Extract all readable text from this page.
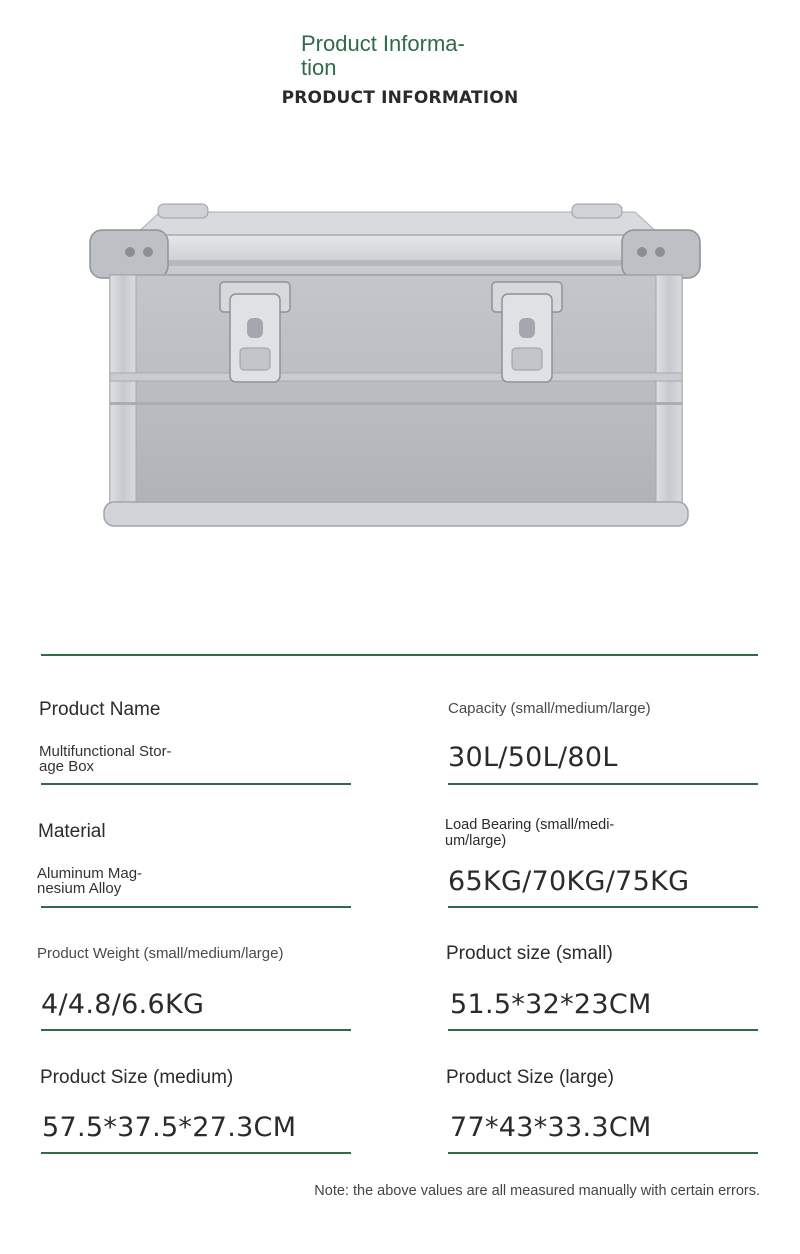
Product Informa-
tion
PRODUCT INFORMATION
Product Name
Multifunctional Stor-
age Box
Capacity (small/medium/large)
30L/50L/80L
Material
Aluminum Mag-
nesium Alloy
Load Bearing (small/medi-
um/large)
65KG/70KG/75KG
Product Weight (small/medium/large)
4/4.8/6.6KG
Product size (small)
51.5*32*23CM
Product Size (medium)
57.5*37.5*27.3CM
Product Size (large)
77*43*33.3CM
Note: the above values are all measured manually with certain errors.
